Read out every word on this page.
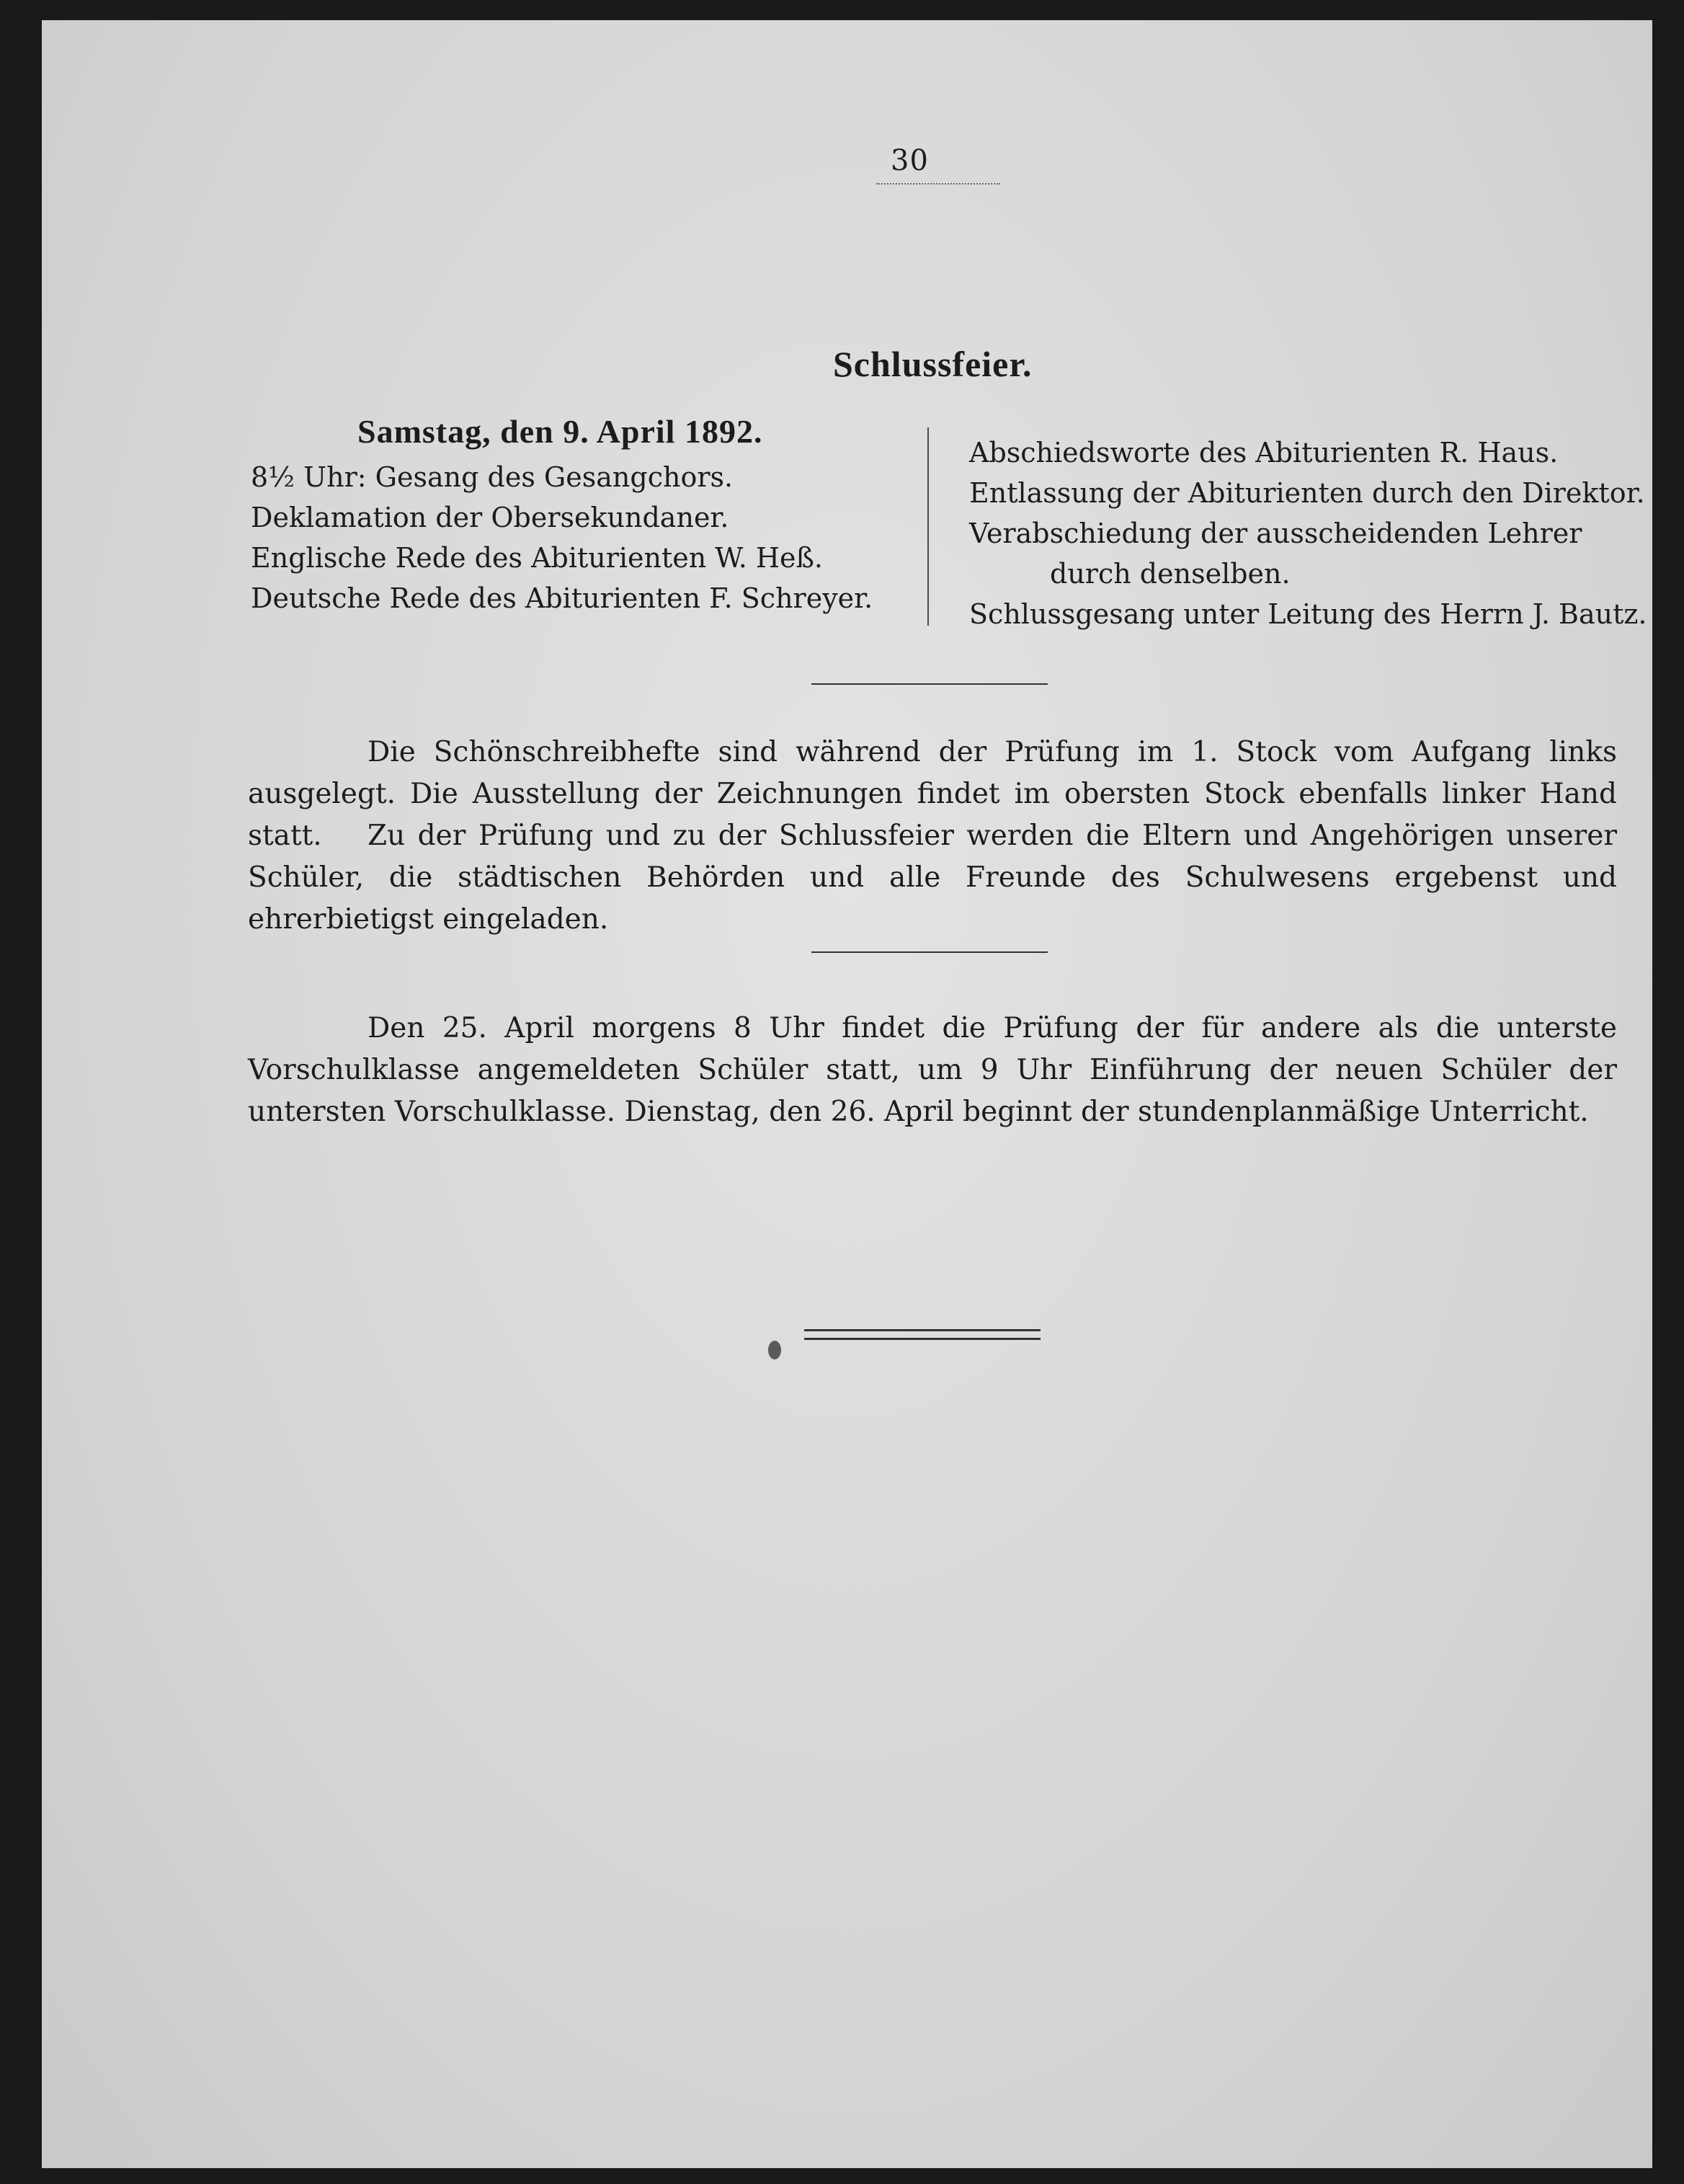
30
Schlussfeier.
Samstag, den 9. April 1892.
8½ Uhr: Gesang des Gesangchors.
Deklamation der Obersekundaner.
Englische Rede des Abiturienten W. Heß.
Deutsche Rede des Abiturienten F. Schreyer.
Abschiedsworte des Abiturienten R. Haus.
Entlassung der Abiturienten durch den Direktor.
Verabschiedung der ausscheidenden Lehrer
durch denselben.
Schlussgesang unter Leitung des Herrn J. Bautz.

Die Schönschreibhefte sind während der Prüfung im 1. Stock vom Aufgang links ausgelegt. Die Ausstellung der Zeichnungen findet im obersten Stock ebenfalls linker Hand statt.	Zu der Prüfung und zu der Schlussfeier werden die Eltern und Angehörigen unserer Schüler, die städtischen Behörden und alle Freunde des Schulwesens ergebenst und ehrerbietigst eingeladen.

Den 25. April morgens 8 Uhr findet die Prüfung der für andere als die unterste Vorschulklasse angemeldeten Schüler statt, um 9 Uhr Einführung der neuen Schüler der untersten Vorschulklasse. Dienstag, den 26. April beginnt der stundenplanmäßige Unterricht.
